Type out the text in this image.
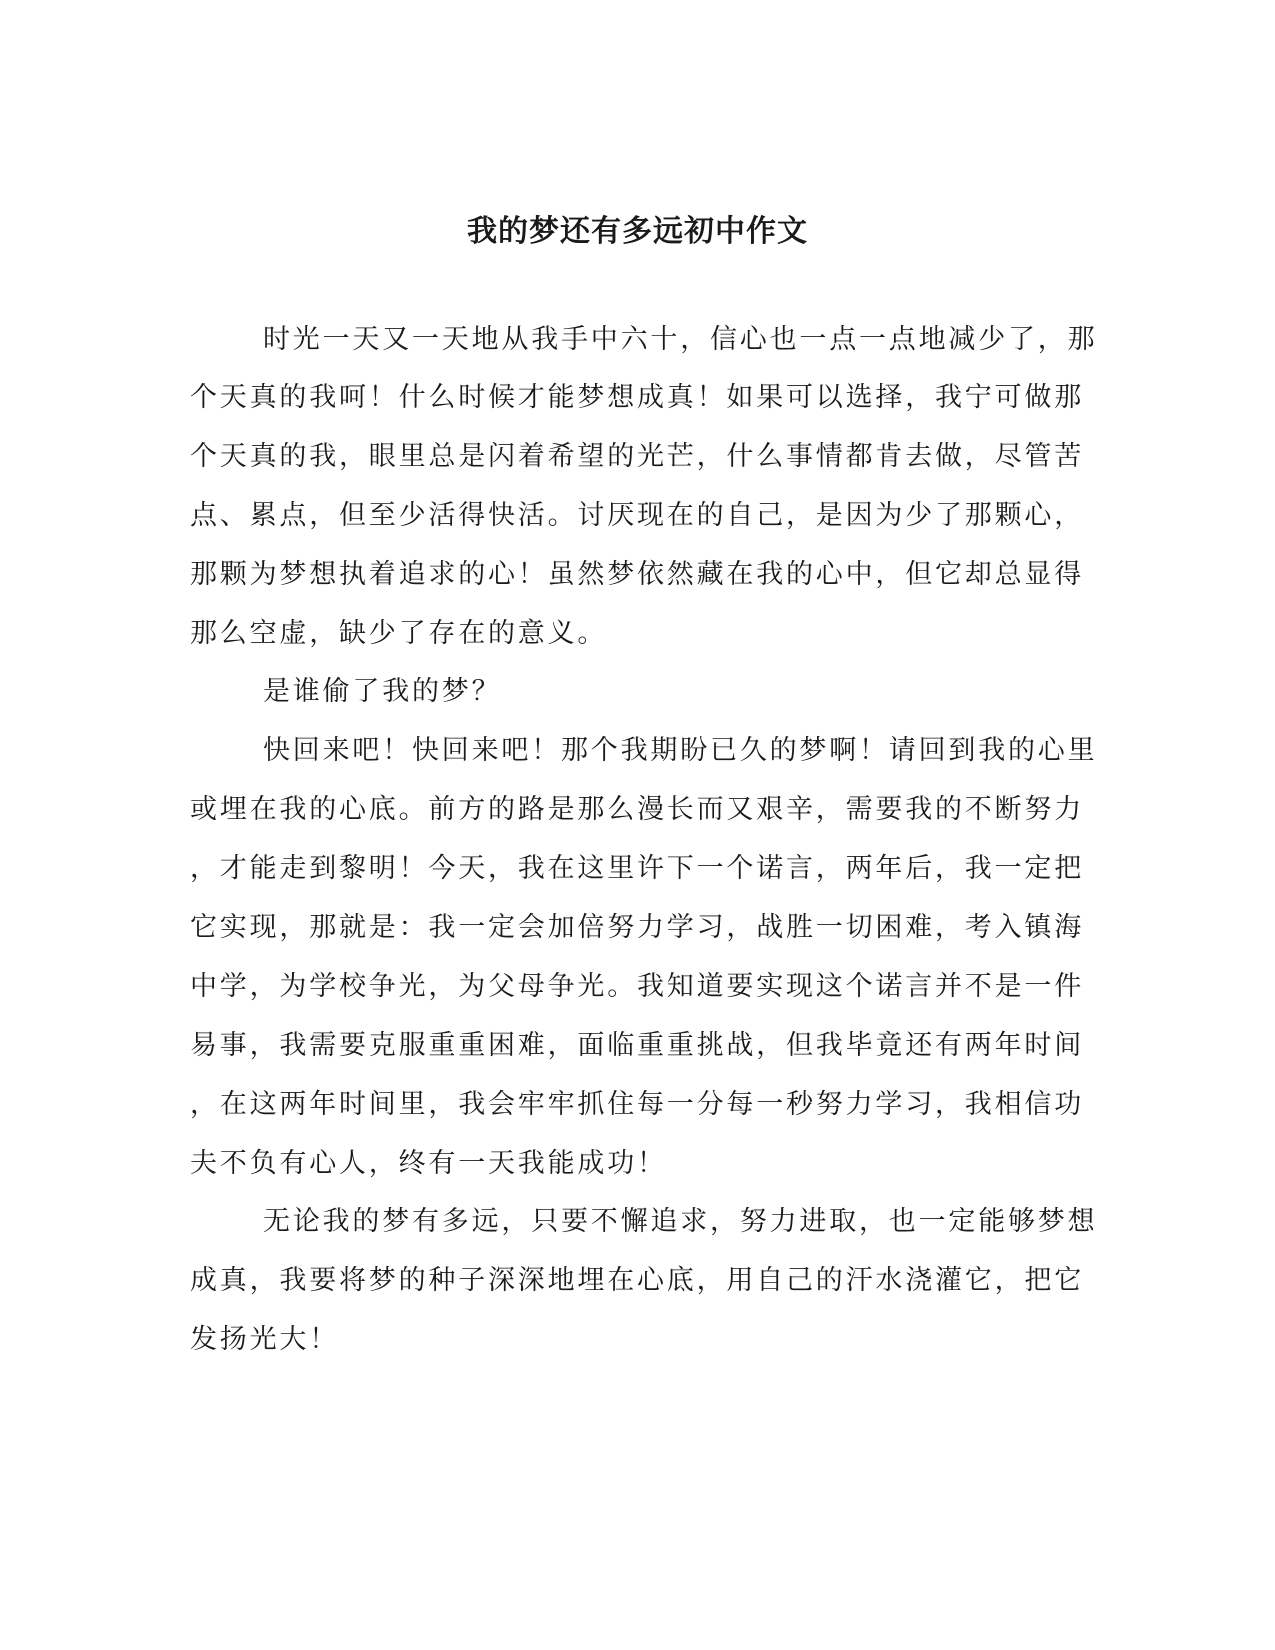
我的梦还有多远初中作文
时光一天又一天地从我手中六十，信心也一点一点地减少了，那
个天真的我呵！什么时候才能梦想成真！如果可以选择，我宁可做那
个天真的我，眼里总是闪着希望的光芒，什么事情都肯去做，尽管苦
点、累点，但至少活得快活。讨厌现在的自己，是因为少了那颗心，
那颗为梦想执着追求的心！虽然梦依然藏在我的心中，但它却总显得
那么空虚，缺少了存在的意义。
是谁偷了我的梦？
快回来吧！快回来吧！那个我期盼已久的梦啊！请回到我的心里
或埋在我的心底。前方的路是那么漫长而又艰辛，需要我的不断努力
，才能走到黎明！今天，我在这里许下一个诺言，两年后，我一定把
它实现，那就是：我一定会加倍努力学习，战胜一切困难，考入镇海
中学，为学校争光，为父母争光。我知道要实现这个诺言并不是一件
易事，我需要克服重重困难，面临重重挑战，但我毕竟还有两年时间
，在这两年时间里，我会牢牢抓住每一分每一秒努力学习，我相信功
夫不负有心人，终有一天我能成功！
无论我的梦有多远，只要不懈追求，努力进取，也一定能够梦想
成真，我要将梦的种子深深地埋在心底，用自己的汗水浇灌它，把它
发扬光大！
